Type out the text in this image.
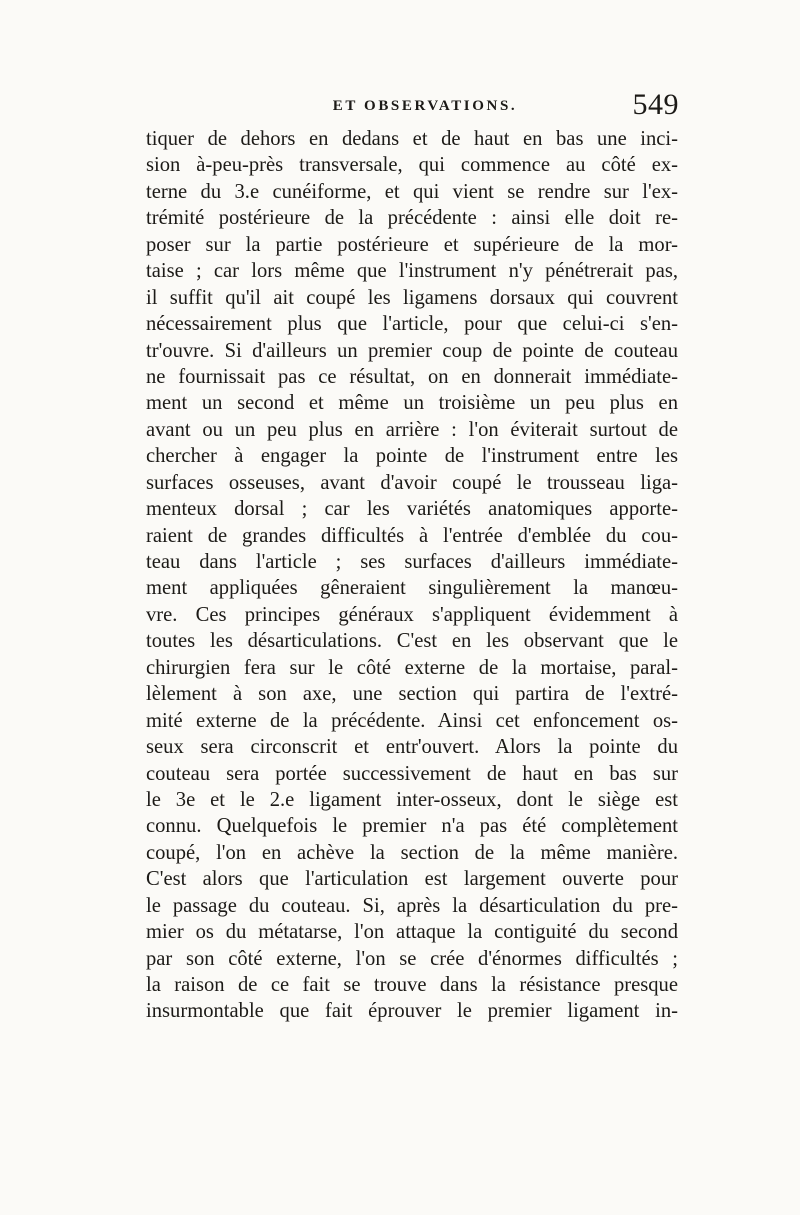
ET OBSERVATIONS.	549
tiquer de dehors en dedans et de haut en bas une inci-
sion à-peu-près transversale, qui commence au côté ex-
terne du 3.e cunéiforme, et qui vient se rendre sur l'ex-
trémité postérieure de la précédente : ainsi elle doit re-
poser sur la partie postérieure et supérieure de la mor-
taise ; car lors même que l'instrument n'y pénétrerait pas,
il suffit qu'il ait coupé les ligamens dorsaux qui couvrent
nécessairement plus que l'article, pour que celui-ci s'en-
tr'ouvre. Si d'ailleurs un premier coup de pointe de couteau
ne fournissait pas ce résultat, on en donnerait immédiate-
ment un second et même un troisième un peu plus en
avant ou un peu plus en arrière : l'on éviterait surtout de
chercher à engager la pointe de l'instrument entre les
surfaces osseuses, avant d'avoir coupé le trousseau liga-
menteux dorsal ; car les variétés anatomiques apporte-
raient de grandes difficultés à l'entrée d'emblée du cou-
teau dans l'article ; ses surfaces d'ailleurs immédiate-
ment appliquées gêneraient singulièrement la manœu-
vre. Ces principes généraux s'appliquent évidemment à
toutes les désarticulations. C'est en les observant que le
chirurgien fera sur le côté externe de la mortaise, paral-
lèlement à son axe, une section qui partira de l'extré-
mité externe de la précédente. Ainsi cet enfoncement os-
seux sera circonscrit et entr'ouvert. Alors la pointe du
couteau sera portée successivement de haut en bas sur
le 3e et le 2.e ligament inter-osseux, dont le siège est
connu. Quelquefois le premier n'a pas été complètement
coupé, l'on en achève la section de la même manière.
C'est alors que l'articulation est largement ouverte pour
le passage du couteau. Si, après la désarticulation du pre-
mier os du métatarse, l'on attaque la contiguité du second
par son côté externe, l'on se crée d'énormes difficultés ;
la raison de ce fait se trouve dans la résistance presque
insurmontable que fait éprouver le premier ligament in-
